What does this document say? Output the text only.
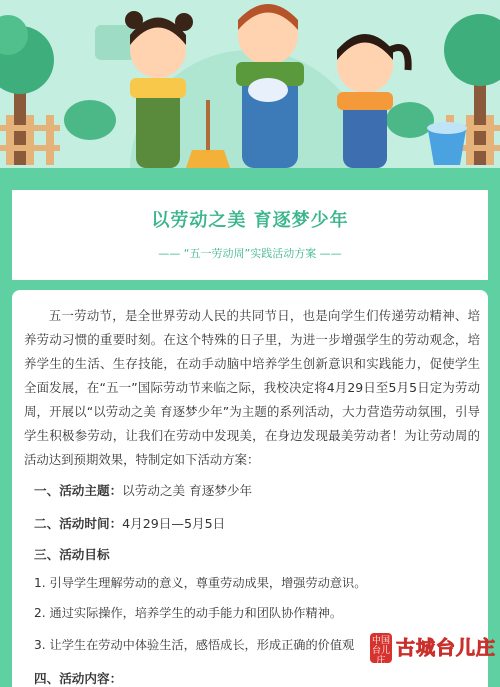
以劳动之美 育逐梦少年
—— “五一劳动周”实践活动方案 ——

五一劳动节，是全世界劳动人民的共同节日，也是向学生们传递劳动精神、培养劳动习惯的重要时刻。在这个特殊的日子里，为进一步增强学生的劳动观念，培养学生的生活、生存技能，在动手动脑中培养学生创新意识和实践能力，促使学生全面发展，在“五一”国际劳动节来临之际，我校决定将4月29日至5月5日定为劳动周，开展以“以劳动之美 育逐梦少年”为主题的系列活动，大力营造劳动氛围，引导学生积极参劳动，让我们在劳动中发现美，在身边发现最美劳动者！为让劳动周的活动达到预期效果，特制定如下活动方案：

一、活动主题：以劳动之美 育逐梦少年
二、活动时间：4月29日—5月5日
三、活动目标
1. 引导学生理解劳动的意义，尊重劳动成果，增强劳动意识。
2. 通过实际操作，培养学生的动手能力和团队协作精神。
3. 让学生在劳动中体验生活，感悟成长，形成正确的价值观
四、活动内容：
中国台儿庄
古城台儿庄
www.gctez.com
